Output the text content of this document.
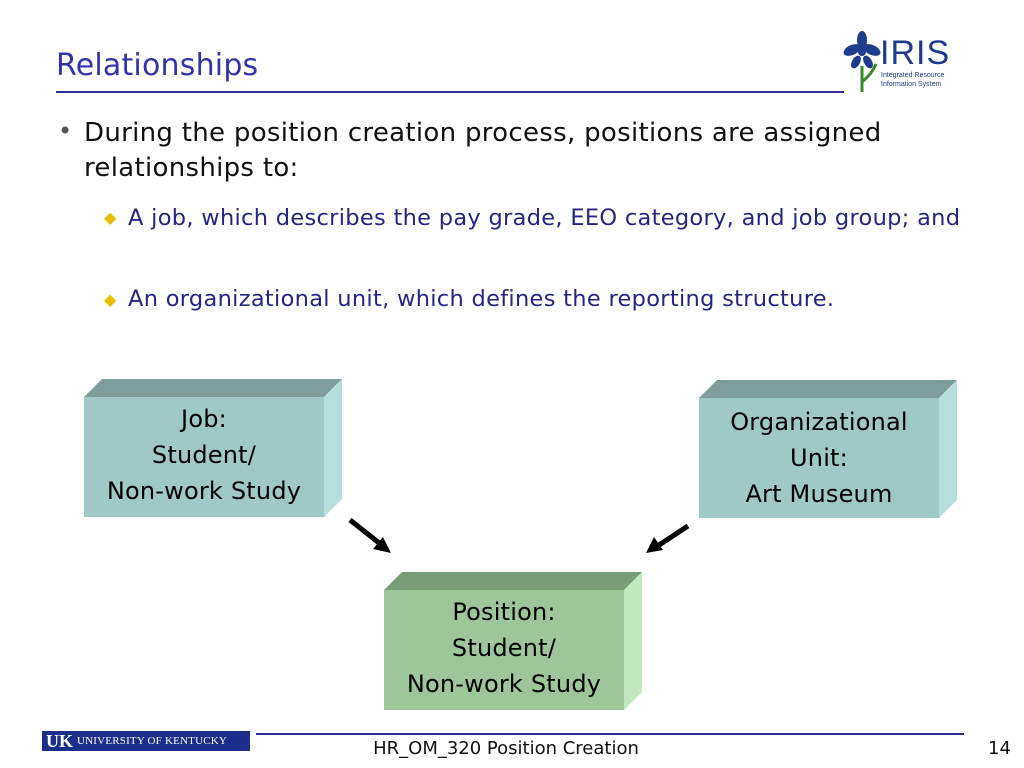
Relationships	IRIS
Integrated Resource
Information System
• During the position creation process, positions are assigned relationships to:
◆ A job, which describes the pay grade, EEO category, and job group; and
◆ An organizational unit, which defines the reporting structure.
Job:
Student/
Non-work Study
Organizational
Unit:
Art Museum
Position:
Student/
Non-work Study
UK UNIVERSITY OF KENTUCKY	HR_OM_320 Position Creation	14
